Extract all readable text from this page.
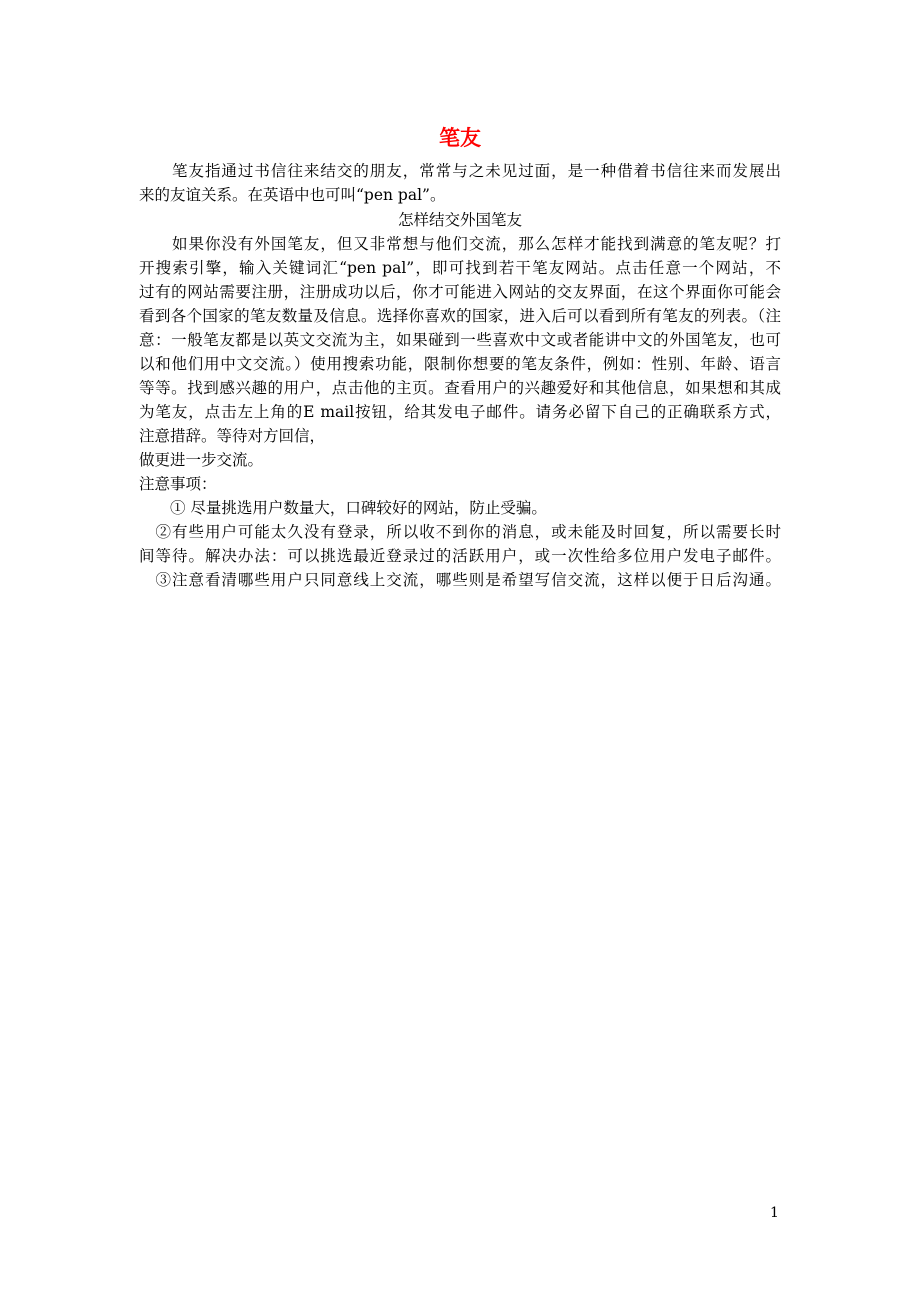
笔友
　　笔友指通过书信往来结交的朋友，常常与之未见过面，是一种借着书信往来而发展出
来的友谊关系。在英语中也可叫“pen pal”。
怎样结交外国笔友
　　如果你没有外国笔友，但又非常想与他们交流，那么怎样才能找到满意的笔友呢？打
开搜索引擎，输入关键词汇“pen pal”，即可找到若干笔友网站。点击任意一个网站，不
过有的网站需要注册，注册成功以后，你才可能进入网站的交友界面，在这个界面你可能会
看到各个国家的笔友数量及信息。选择你喜欢的国家，进入后可以看到所有笔友的列表。（注
意：一般笔友都是以英文交流为主，如果碰到一些喜欢中文或者能讲中文的外国笔友，也可
以和他们用中文交流。）使用搜索功能，限制你想要的笔友条件，例如：性别、年龄、语言
等等。找到感兴趣的用户，点击他的主页。查看用户的兴趣爱好和其他信息，如果想和其成
为笔友，点击左上角的E mail按钮，给其发电子邮件。请务必留下自己的正确联系方式，
注意措辞。等待对方回信，
做更进一步交流。
注意事项：
　　① 尽量挑选用户数量大，口碑较好的网站，防止受骗。
　②有些用户可能太久没有登录，所以收不到你的消息，或未能及时回复，所以需要长时
间等待。解决办法：可以挑选最近登录过的活跃用户，或一次性给多位用户发电子邮件。
　③注意看清哪些用户只同意线上交流，哪些则是希望写信交流，这样以便于日后沟通。
1
